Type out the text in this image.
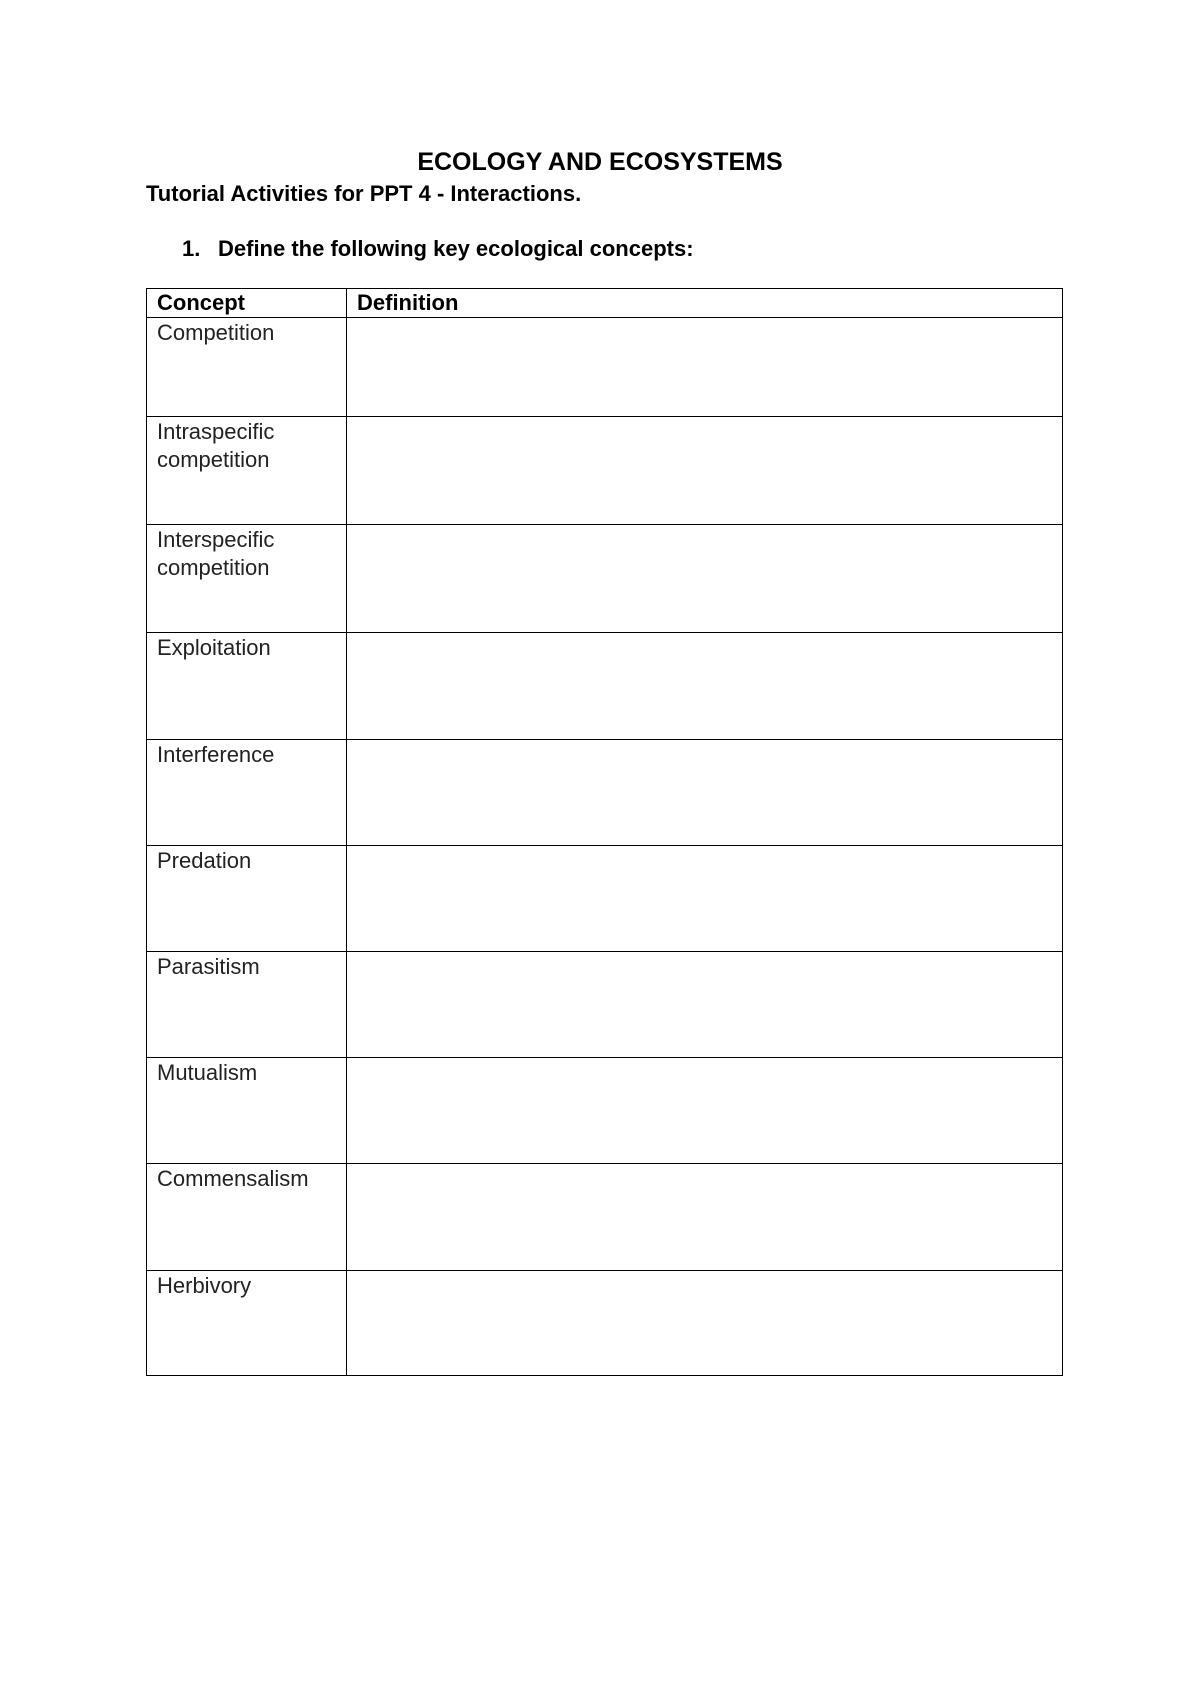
ECOLOGY AND ECOSYSTEMS
Tutorial Activities for PPT 4 - Interactions.
1. Define the following key ecological concepts:
Concept	Definition
Competition	
Intraspecific competition	
Interspecific competition	
Exploitation	
Interference	
Predation	
Parasitism	
Mutualism	
Commensalism	
Herbivory	
